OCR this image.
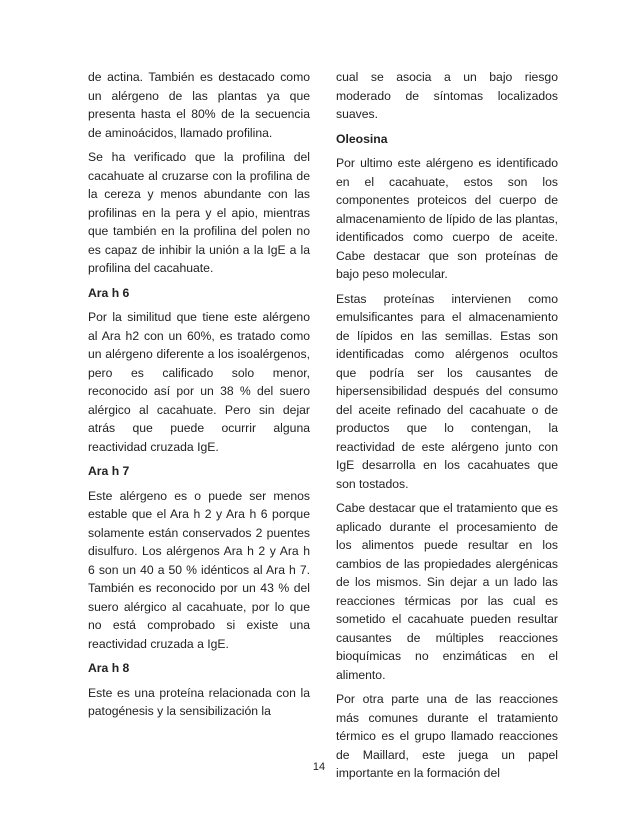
de actina. También es destacado como un alérgeno de las plantas ya que presenta hasta el 80% de la secuencia de aminoácidos, llamado profilina.

Se ha verificado que la profilina del cacahuate al cruzarse con la profilina de la cereza y menos abundante con las profilinas en la pera y el apio, mientras que también en la profilina del polen no es capaz de inhibir la unión a la IgE a la profilina del cacahuate.

Ara h 6

Por la similitud que tiene este alérgeno al Ara h2 con un 60%, es tratado como un alérgeno diferente a los isoalérgenos, pero es calificado solo menor, reconocido así por un 38 % del suero alérgico al cacahuate. Pero sin dejar atrás que puede ocurrir alguna reactividad cruzada IgE.

Ara h 7

Este alérgeno es o puede ser menos estable que el Ara h 2 y Ara h 6 porque solamente están conservados 2 puentes disulfuro. Los alérgenos Ara h 2 y Ara h 6 son un 40 a 50 % idénticos al Ara h 7. También es reconocido por un 43 % del suero alérgico al cacahuate, por lo que no está comprobado si existe una reactividad cruzada a IgE.

Ara h 8

Este es una proteína relacionada con la patogénesis y la sensibilización la

cual se asocia a un bajo riesgo moderado de síntomas localizados suaves.

Oleosina

Por ultimo este alérgeno es identificado en el cacahuate, estos son los componentes proteicos del cuerpo de almacenamiento de lípido de las plantas, identificados como cuerpo de aceite. Cabe destacar que son proteínas de bajo peso molecular.

Estas proteínas intervienen como emulsificantes para el almacenamiento de lípidos en las semillas. Estas son identificadas como alérgenos ocultos que podría ser los causantes de hipersensibilidad después del consumo del aceite refinado del cacahuate o de productos que lo contengan, la reactividad de este alérgeno junto con IgE desarrolla en los cacahuates que son tostados.

Cabe destacar que el tratamiento que es aplicado durante el procesamiento de los alimentos puede resultar en los cambios de las propiedades alergénicas de los mismos. Sin dejar a un lado las reacciones térmicas por las cual es sometido el cacahuate pueden resultar causantes de múltiples reacciones bioquímicas no enzimáticas en el alimento.

Por otra parte una de las reacciones más comunes durante el tratamiento térmico es el grupo llamado reacciones de Maillard, este juega un papel importante en la formación del

14
